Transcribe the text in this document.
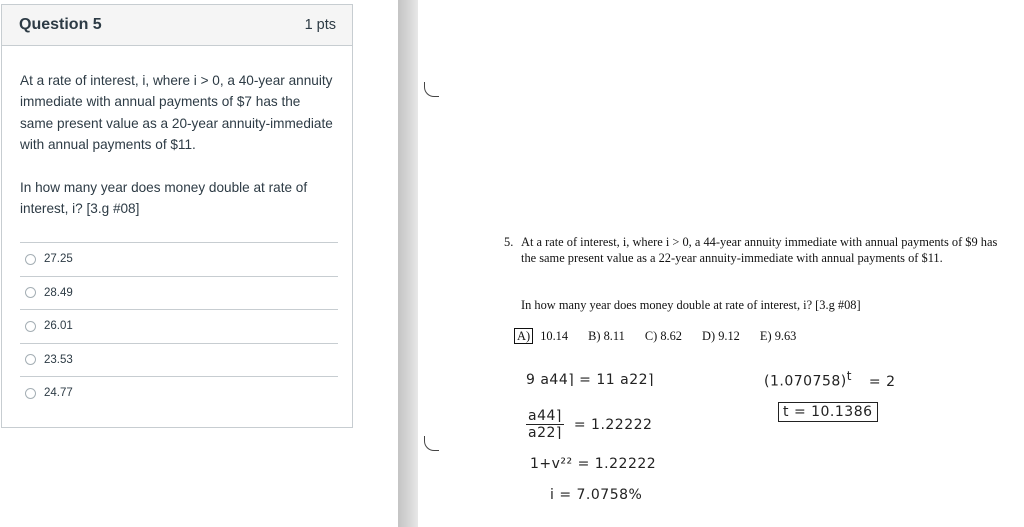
Question 5	1 pts

At a rate of interest, i, where i > 0, a 40-year annuity immediate with annual payments of $7 has the same present value as a 20-year annuity-immediate with annual payments of $11.

In how many year does money double at rate of interest, i? [3.g #08]

27.25
28.49
26.01
23.53
24.77
5. At a rate of interest, i, where i > 0, a 44-year annuity immediate with annual payments of $9 has the same present value as a 22-year annuity-immediate with annual payments of $11.
In how many year does money double at rate of interest, i? [3.g #08]
A) 10.14 B) 8.11 C) 8.62 D) 9.12 E) 9.63
9 a44⌉ = 11 a22⌉
$\frac{a44⌉}{a22⌉} = 1.22222$
1+v²² = 1.22222
i = 7.0758%
$(1.070758)^t = 2$
t = 10.1386
